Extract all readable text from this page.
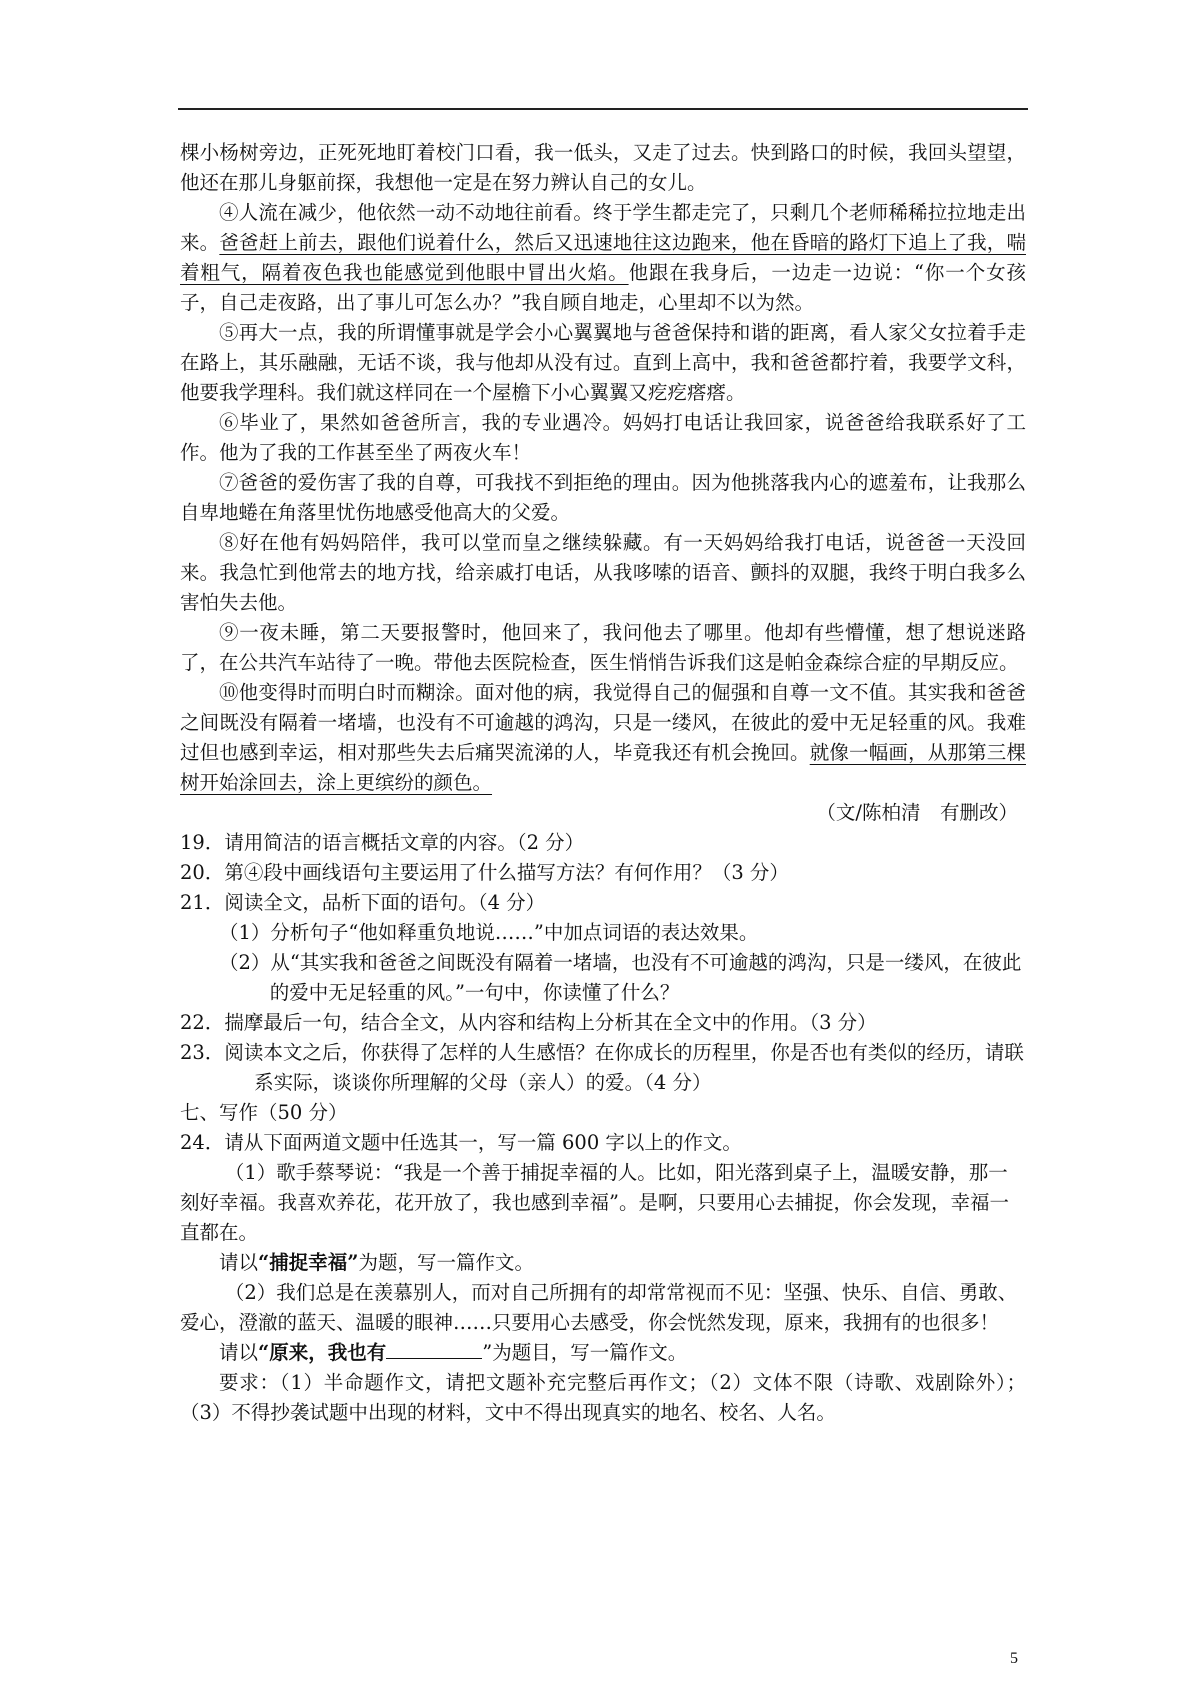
棵小杨树旁边，正死死地盯着校门口看，我一低头，又走了过去。快到路口的时候，我回头望望，他还在那儿身躯前探，我想他一定是在努力辨认自己的女儿。

④人流在减少，他依然一动不动地往前看。终于学生都走完了，只剩几个老师稀稀拉拉地走出来。爸爸赶上前去，跟他们说着什么，然后又迅速地往这边跑来，他在昏暗的路灯下追上了我，喘着粗气，隔着夜色我也能感觉到他眼中冒出火焰。他跟在我身后，一边走一边说：“你一个女孩子，自己走夜路，出了事儿可怎么办？”我自顾自地走，心里却不以为然。

⑤再大一点，我的所谓懂事就是学会小心翼翼地与爸爸保持和谐的距离，看人家父女拉着手走在路上，其乐融融，无话不谈，我与他却从没有过。直到上高中，我和爸爸都拧着，我要学文科，他要我学理科。我们就这样同在一个屋檐下小心翼翼又疙疙瘩瘩。

⑥毕业了，果然如爸爸所言，我的专业遇冷。妈妈打电话让我回家，说爸爸给我联系好了工作。他为了我的工作甚至坐了两夜火车！

⑦爸爸的爱伤害了我的自尊，可我找不到拒绝的理由。因为他挑落我内心的遮羞布，让我那么自卑地蜷在角落里忧伤地感受他高大的父爱。

⑧好在他有妈妈陪伴，我可以堂而皇之继续躲藏。有一天妈妈给我打电话，说爸爸一天没回来。我急忙到他常去的地方找，给亲戚打电话，从我哆嗦的语音、颤抖的双腿，我终于明白我多么害怕失去他。

⑨一夜未睡，第二天要报警时，他回来了，我问他去了哪里。他却有些懵懂，想了想说迷路了，在公共汽车站待了一晚。带他去医院检查，医生悄悄告诉我们这是帕金森综合症的早期反应。

⑩他变得时而明白时而糊涂。面对他的病，我觉得自己的倔强和自尊一文不值。其实我和爸爸之间既没有隔着一堵墙，也没有不可逾越的鸿沟，只是一缕风，在彼此的爱中无足轻重的风。我难过但也感到幸运，相对那些失去后痛哭流涕的人，毕竟我还有机会挽回。就像一幅画，从那第三棵树开始涂回去，涂上更缤纷的颜色。

（文/陈柏清　有删改）

19．请用简洁的语言概括文章的内容。（2 分）

20．第④段中画线语句主要运用了什么描写方法？有何作用？（3 分）

21．阅读全文，品析下面的语句。（4 分）

（1）分析句子“他如释重负地说……”中加点词语的表达效果。

（2）从“其实我和爸爸之间既没有隔着一堵墙，也没有不可逾越的鸿沟，只是一缕风，在彼此的爱中无足轻重的风。”一句中，你读懂了什么？

22．揣摩最后一句，结合全文，从内容和结构上分析其在全文中的作用。（3 分）

23．阅读本文之后，你获得了怎样的人生感悟？在你成长的历程里，你是否也有类似的经历，请联系实际，谈谈你所理解的父母（亲人）的爱。（4 分）

七、写作（50 分）

24．请从下面两道文题中任选其一，写一篇 600 字以上的作文。

（1）歌手蔡琴说：“我是一个善于捕捉幸福的人。比如，阳光落到桌子上，温暖安静，那一刻好幸福。我喜欢养花，花开放了，我也感到幸福”。是啊，只要用心去捕捉，你会发现，幸福一直都在。

请以“捕捉幸福”为题，写一篇作文。

（2）我们总是在羡慕别人，而对自己所拥有的却常常视而不见：坚强、快乐、自信、勇敢、爱心，澄澈的蓝天、温暖的眼神……只要用心去感受，你会恍然发现，原来，我拥有的也很多！

请以“原来，我也有	”为题目，写一篇作文。

要求：（1）半命题作文，请把文题补充完整后再作文；（2）文体不限（诗歌、戏剧除外）；（3）不得抄袭试题中出现的材料，文中不得出现真实的地名、校名、人名。

5
